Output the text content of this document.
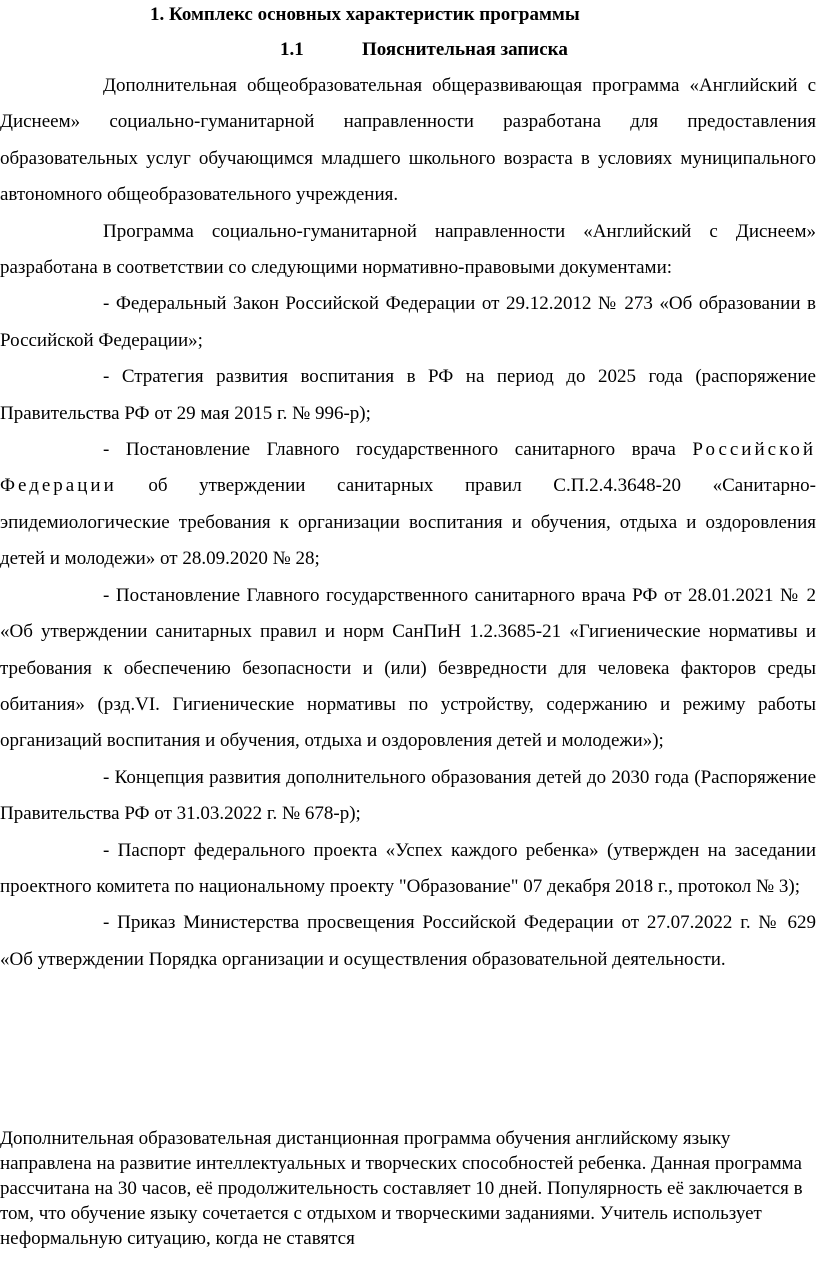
1. Комплекс основных характеристик программы
1.1	Пояснительная записка

Дополнительная общеобразовательная общеразвивающая программа «Английский с Диснеем» социально-гуманитарной направленности разработана для предоставления образовательных услуг обучающимся младшего школьного возраста в условиях муниципального автономного общеобразовательного учреждения.

Программа социально-гуманитарной направленности «Английский с Диснеем» разработана в соответствии со следующими нормативно-правовыми документами:

- Федеральный Закон Российской Федерации от 29.12.2012 № 273 «Об образовании в Российской Федерации»;

- Стратегия развития воспитания в РФ на период до 2025 года (распоряжение Правительства РФ от 29 мая 2015 г. № 996-р);

- Постановление Главного государственного санитарного врача Российской Федерации об утверждении санитарных правил С.П.2.4.3648-20 «Санитарно-эпидемиологические требования к организации воспитания и обучения, отдыха и оздоровления детей и молодежи» от 28.09.2020 № 28;

- Постановление Главного государственного санитарного врача РФ от 28.01.2021 № 2 «Об утверждении санитарных правил и норм СанПиН 1.2.3685-21 «Гигиенические нормативы и требования к обеспечению безопасности и (или) безвредности для человека факторов среды обитания» (рзд.VI. Гигиенические нормативы по устройству, содержанию и режиму работы организаций воспитания и обучения, отдыха и оздоровления детей и молодежи»);

- Концепция развития дополнительного образования детей до 2030 года (Распоряжение Правительства РФ от 31.03.2022 г. № 678-р);

- Паспорт федерального проекта «Успех каждого ребенка» (утвержден на заседании проектного комитета по национальному проекту "Образование" 07 декабря 2018 г., протокол № 3);

- Приказ Министерства просвещения Российской Федерации от 27.07.2022 г. № 629 «Об утверждении Порядка организации и осуществления образовательной деятельности.

Дополнительная образовательная дистанционная программа обучения английскому языку направлена на развитие интеллектуальных и творческих способностей ребенка. Данная программа рассчитана на 30 часов, её продолжительность составляет 10 дней. Популярность её заключается в том, что обучение языку сочетается с отдыхом и творческими заданиями. Учитель использует неформальную ситуацию, когда не ставятся
